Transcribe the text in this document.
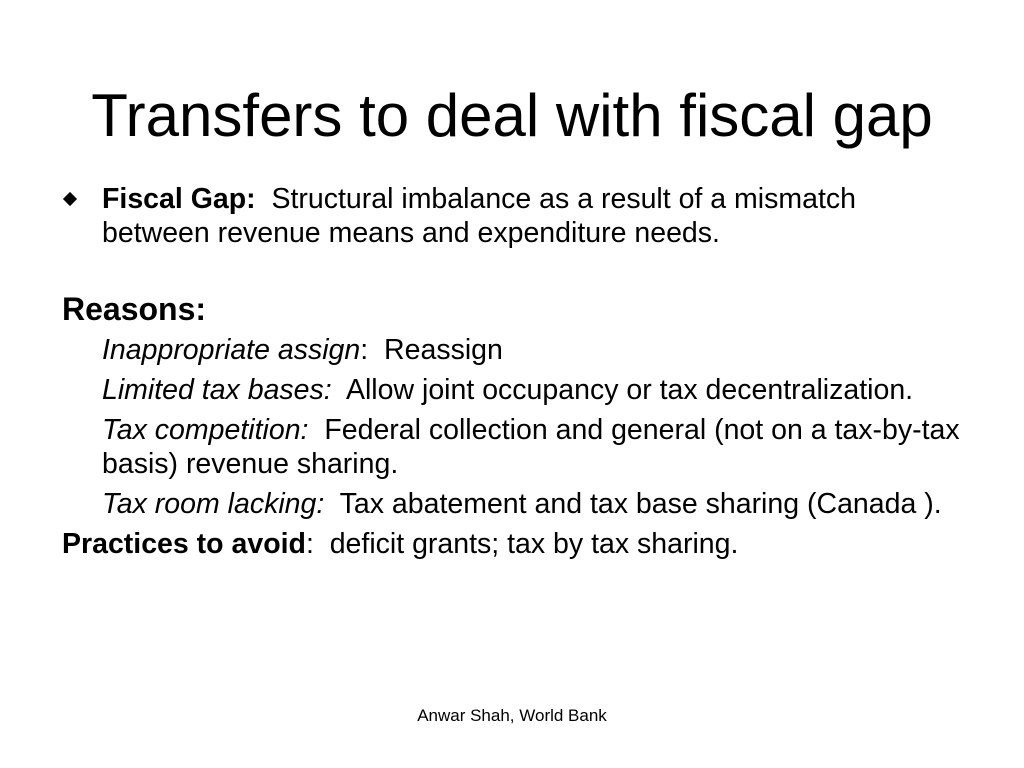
Transfers to deal with fiscal gap
Fiscal Gap: Structural imbalance as a result of a mismatch between revenue means and expenditure needs.
Reasons:
Inappropriate assign: Reassign
Limited tax bases: Allow joint occupancy or tax decentralization.
Tax competition: Federal collection and general (not on a tax-by-tax basis) revenue sharing.
Tax room lacking: Tax abatement and tax base sharing (Canada ).
Practices to avoid: deficit grants; tax by tax sharing.
Anwar Shah, World Bank
